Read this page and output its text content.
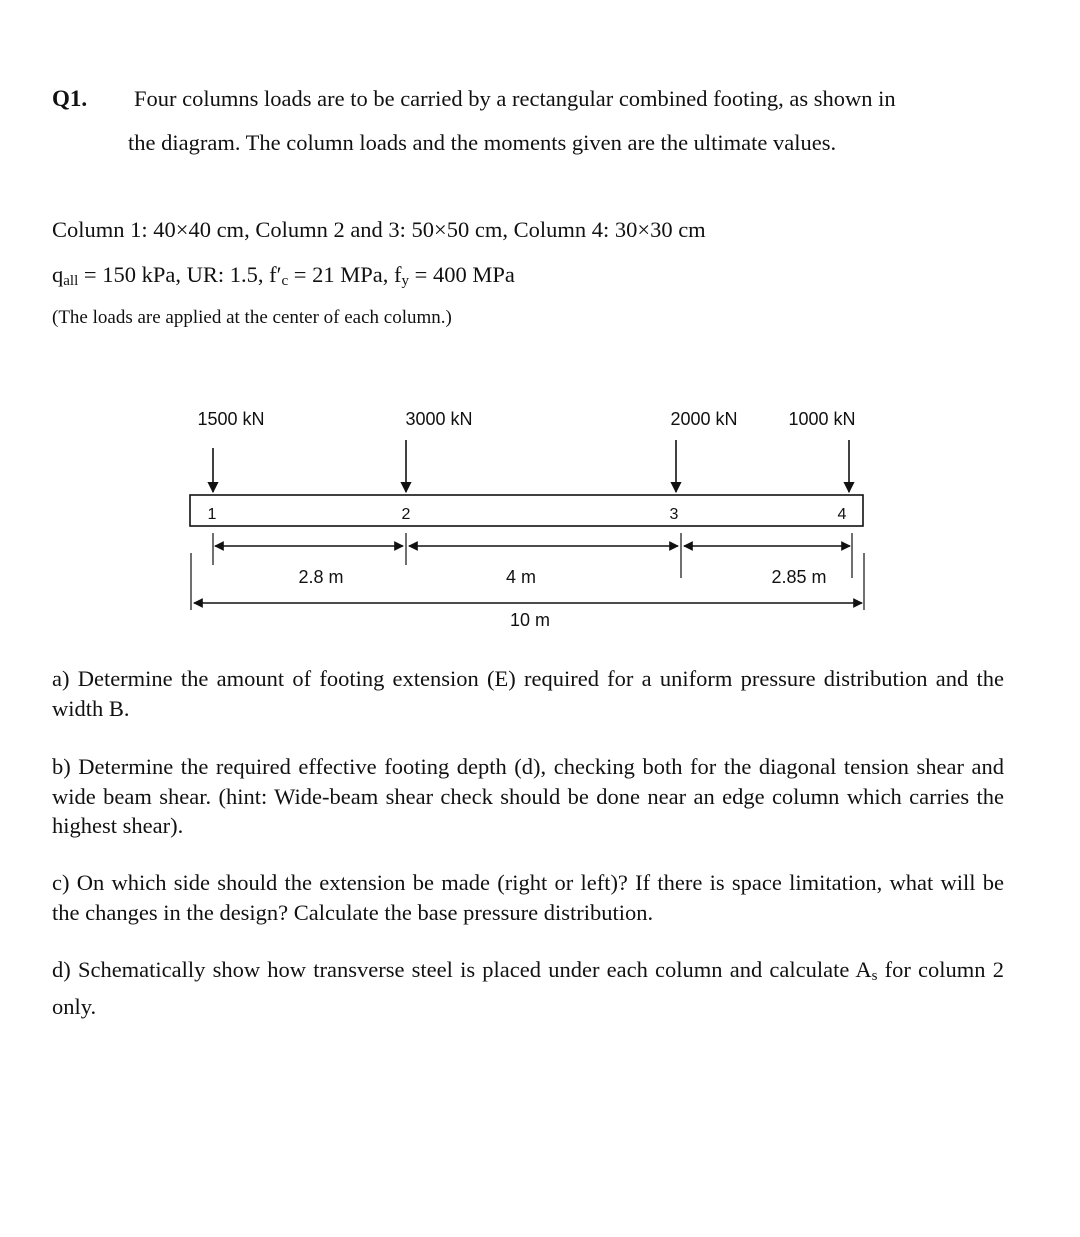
Q1. Four columns loads are to be carried by a rectangular combined footing, as shown in
the diagram. The column loads and the moments given are the ultimate values.
Column 1: 40×40 cm, Column 2 and 3: 50×50 cm, Column 4: 30×30 cm
$q_{all} = 150$ kPa, UR: 1.5, $f'_c = 21$ MPa, $f_y = 400$ MPa
(The loads are applied at the center of each column.)
1500 kN	3000 kN	2000 kN	1000 kN
1	2	3	4
2.8 m	4 m	2.85 m
10 m
a) Determine the amount of footing extension (E) required for a uniform pressure distribution and the width B.
b) Determine the required effective footing depth (d), checking both for the diagonal tension shear and wide beam shear. (hint: Wide-beam shear check should be done near an edge column which carries the highest shear).
c) On which side should the extension be made (right or left)? If there is space limitation, what will be the changes in the design? Calculate the base pressure distribution.
d) Schematically show how transverse steel is placed under each column and calculate $A_s$ for column 2 only.
